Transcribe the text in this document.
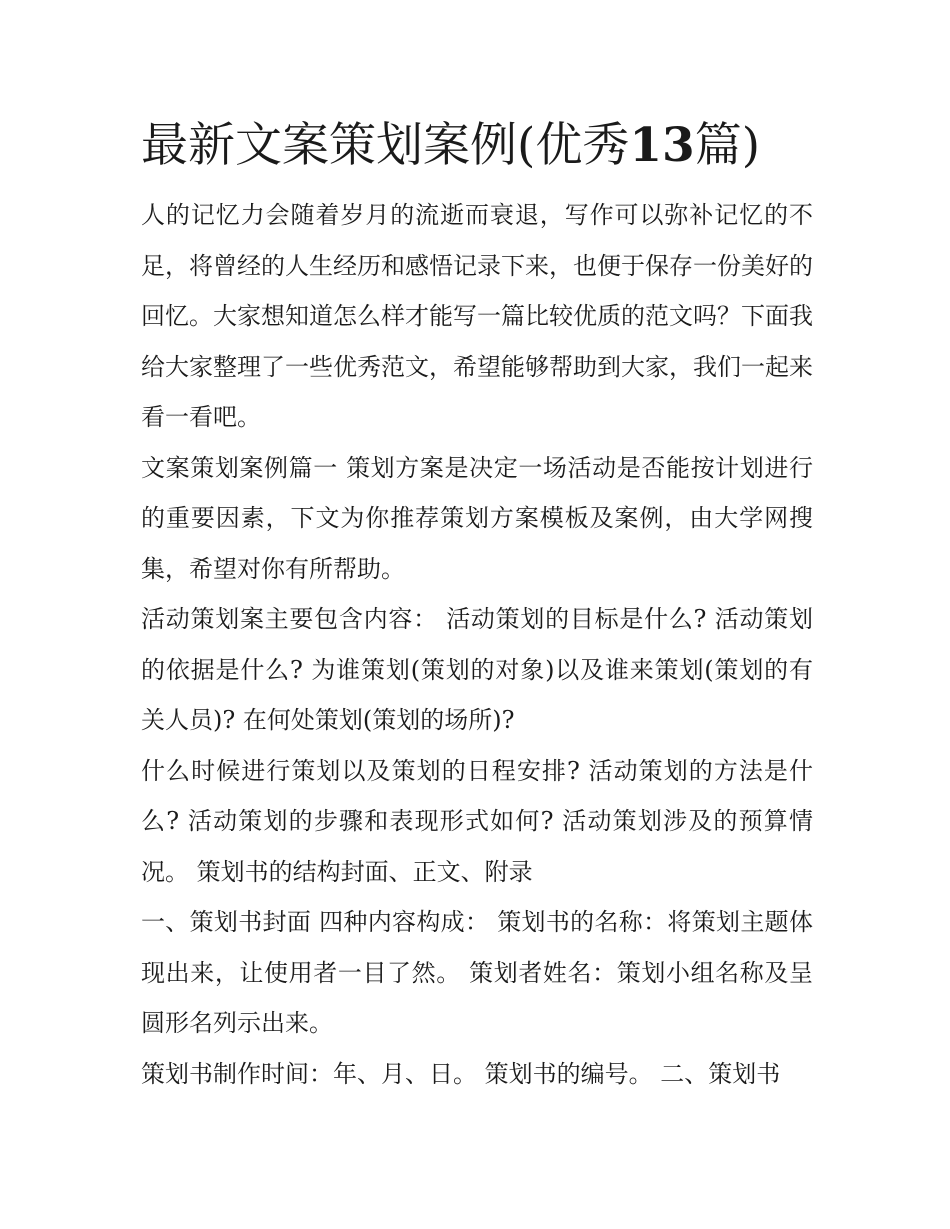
最新文案策划案例(优秀13篇)

人的记忆力会随着岁月的流逝而衰退，写作可以弥补记忆的不足，将曾经的人生经历和感悟记录下来，也便于保存一份美好的回忆。大家想知道怎么样才能写一篇比较优质的范文吗？下面我给大家整理了一些优秀范文，希望能够帮助到大家，我们一起来看一看吧。

文案策划案例篇一 策划方案是决定一场活动是否能按计划进行的重要因素，下文为你推荐策划方案模板及案例，由大学网搜集，希望对你有所帮助。

活动策划案主要包含内容： 活动策划的目标是什么? 活动策划的依据是什么? 为谁策划(策划的对象)以及谁来策划(策划的有关人员)? 在何处策划(策划的场所)?

什么时候进行策划以及策划的日程安排? 活动策划的方法是什么? 活动策划的步骤和表现形式如何? 活动策划涉及的预算情况。 策划书的结构封面、正文、附录

一、策划书封面 四种内容构成： 策划书的名称：将策划主题体现出来，让使用者一目了然。 策划者姓名：策划小组名称及呈圆形名列示出来。

策划书制作时间：年、月、日。 策划书的编号。 二、策划书
